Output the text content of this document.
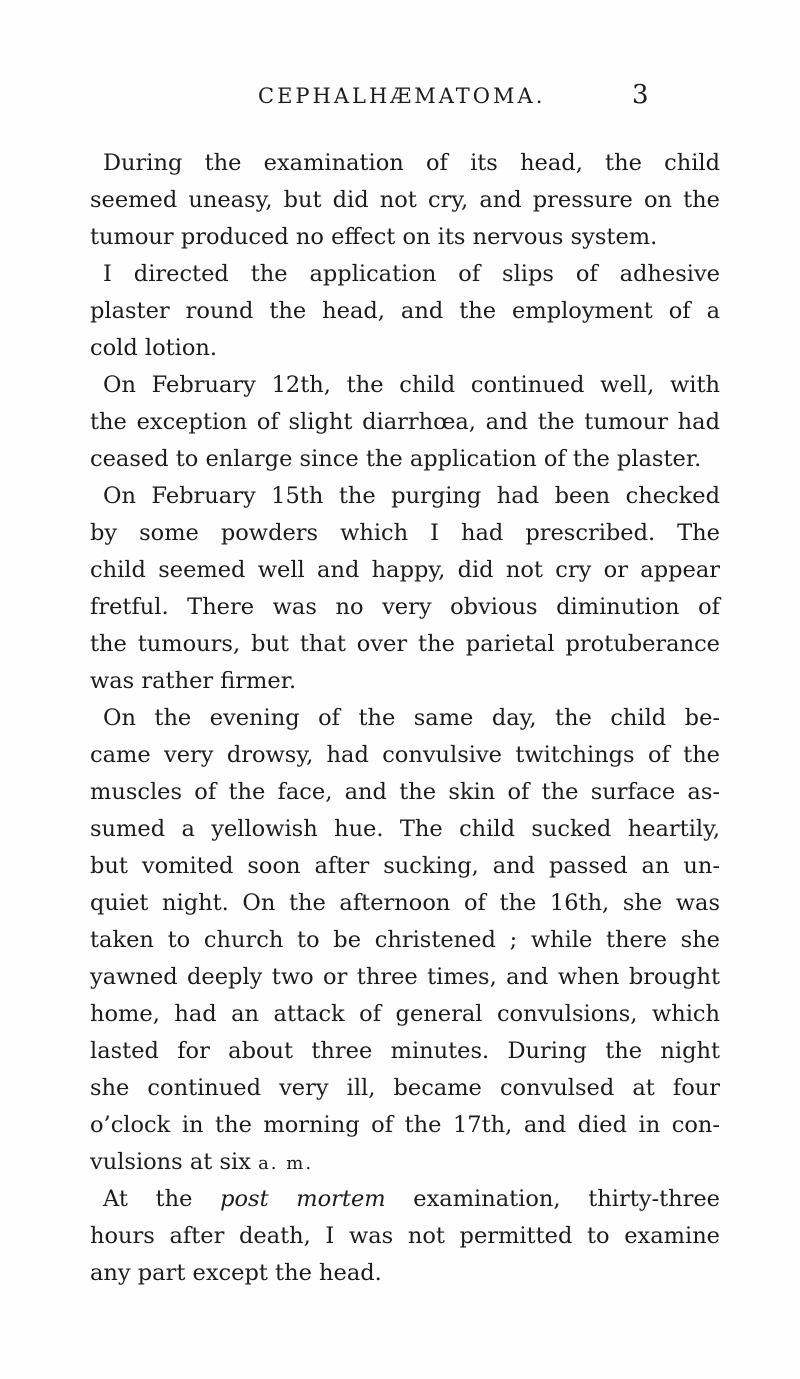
CEPHALHÆMATOMA.	3
During the examination of its head, the child
seemed uneasy, but did not cry, and pressure on the
tumour produced no effect on its nervous system.
I directed the application of slips of adhesive
plaster round the head, and the employment of a
cold lotion.
On February 12th, the child continued well, with
the exception of slight diarrhœa, and the tumour had
ceased to enlarge since the application of the plaster.
On February 15th the purging had been checked
by some powders which I had prescribed. The
child seemed well and happy, did not cry or appear
fretful. There was no very obvious diminution of
the tumours, but that over the parietal protuberance
was rather firmer.
On the evening of the same day, the child be-
came very drowsy, had convulsive twitchings of the
muscles of the face, and the skin of the surface as-
sumed a yellowish hue. The child sucked heartily,
but vomited soon after sucking, and passed an un-
quiet night. On the afternoon of the 16th, she was
taken to church to be christened ; while there she
yawned deeply two or three times, and when brought
home, had an attack of general convulsions, which
lasted for about three minutes. During the night
she continued very ill, became convulsed at four
o’clock in the morning of the 17th, and died in con-
vulsions at six a. m.
At the post mortem examination, thirty-three
hours after death, I was not permitted to examine
any part except the head.
